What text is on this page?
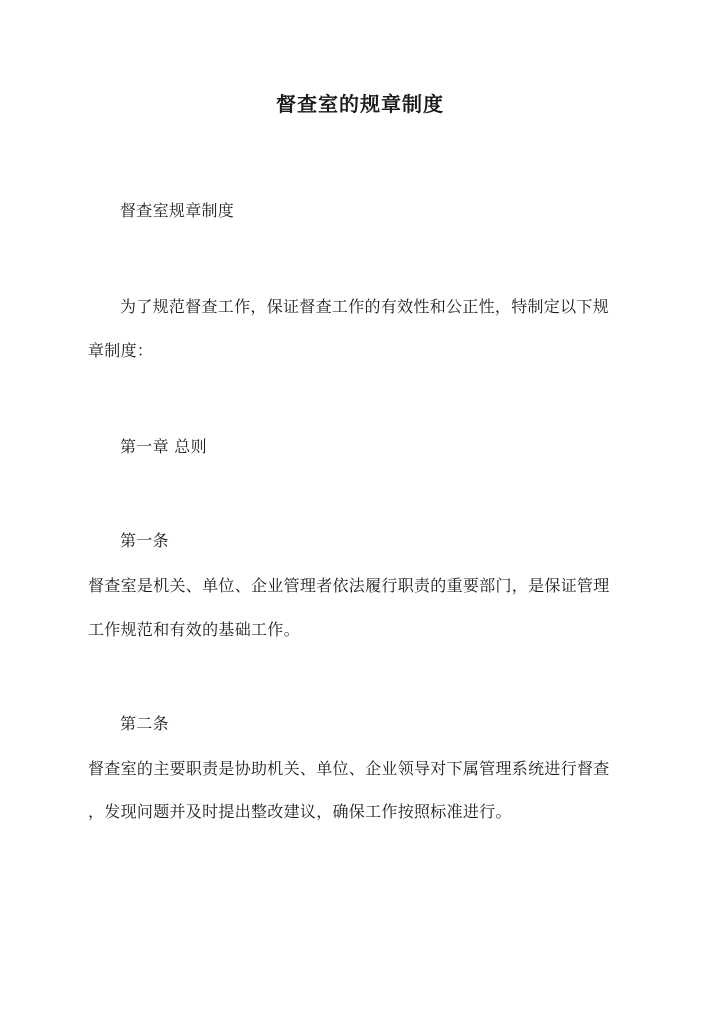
督查室的规章制度
督查室规章制度
为了规范督查工作，保证督查工作的有效性和公正性，特制定以下规
章制度：
第一章 总则
第一条
督查室是机关、单位、企业管理者依法履行职责的重要部门，是保证管理
工作规范和有效的基础工作。
第二条
督查室的主要职责是协助机关、单位、企业领导对下属管理系统进行督查
，发现问题并及时提出整改建议，确保工作按照标准进行。
